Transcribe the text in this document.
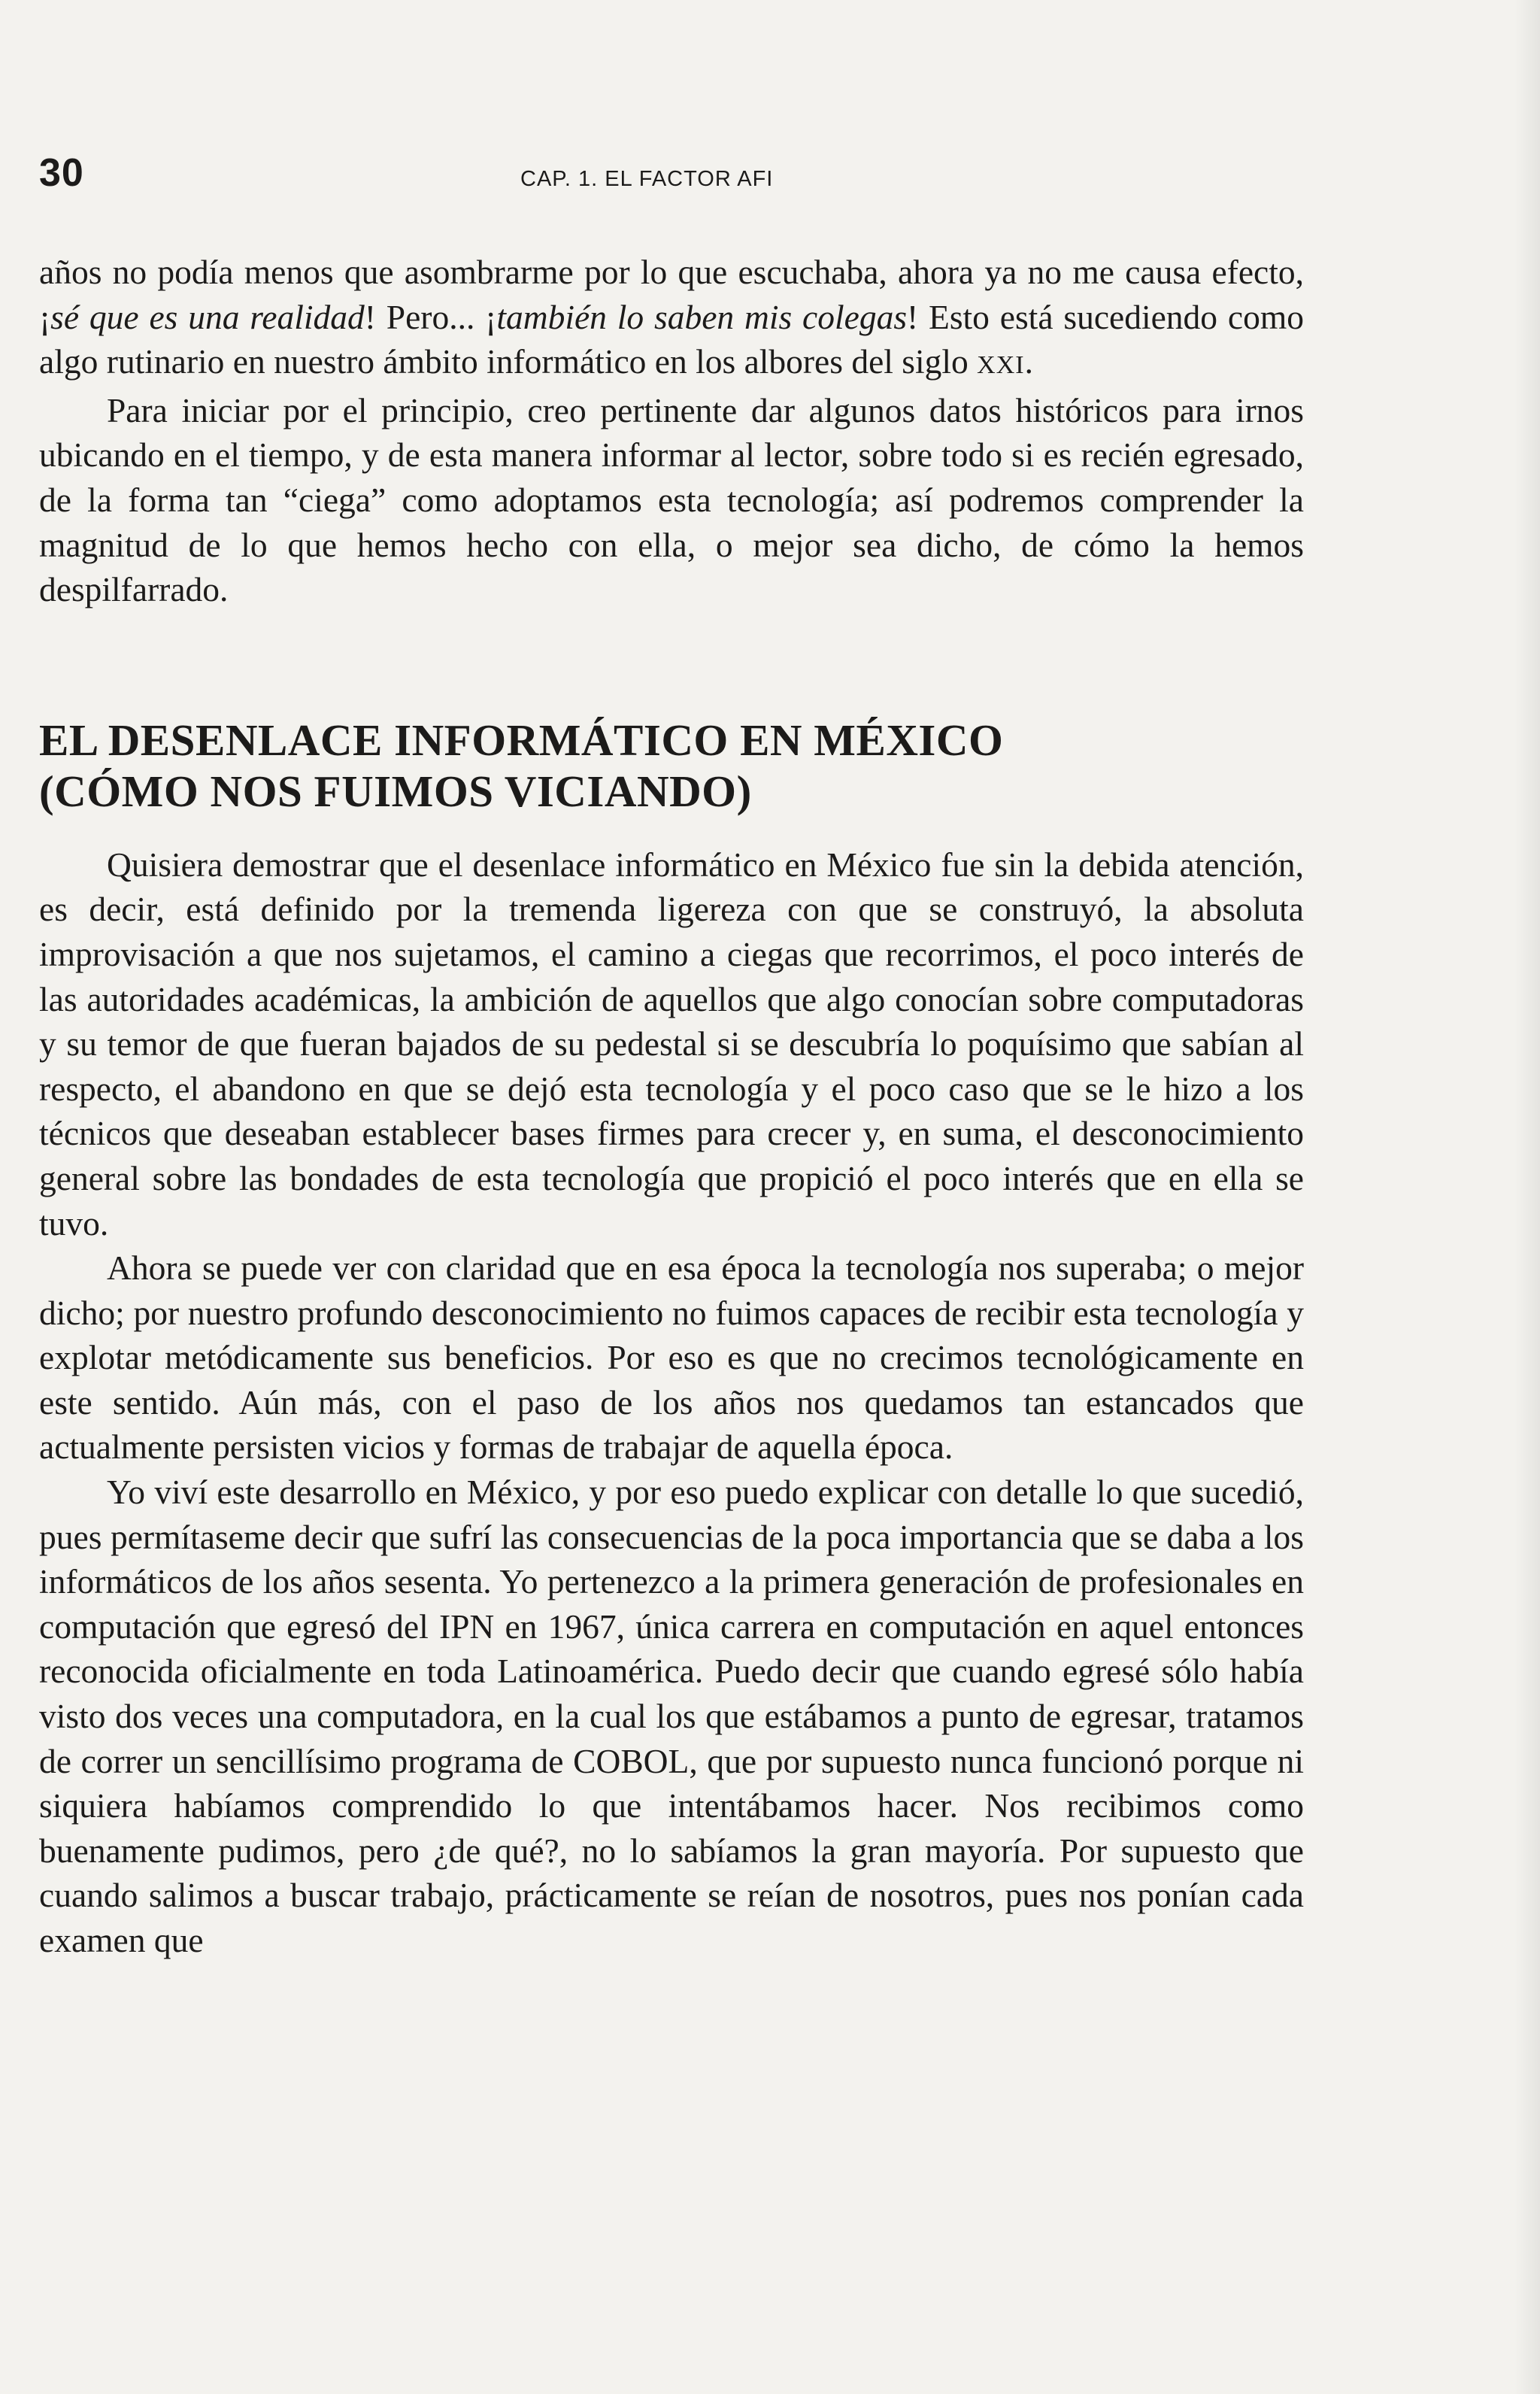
30	CAP. 1. EL FACTOR AFI

años no podía menos que asombrarme por lo que escuchaba, ahora ya no me causa efecto, ¡sé que es una realidad! Pero... ¡también lo saben mis colegas! Esto está sucediendo como algo rutinario en nuestro ámbito informático en los albores del siglo XXI.

Para iniciar por el principio, creo pertinente dar algunos datos históricos para irnos ubicando en el tiempo, y de esta manera informar al lector, sobre todo si es recién egresado, de la forma tan “ciega” como adoptamos esta tecnología; así podremos comprender la magnitud de lo que hemos hecho con ella, o mejor sea dicho, de cómo la hemos despilfarrado.

EL DESENLACE INFORMÁTICO EN MÉXICO
(CÓMO NOS FUIMOS VICIANDO)

Quisiera demostrar que el desenlace informático en México fue sin la debida atención, es decir, está definido por la tremenda ligereza con que se construyó, la absoluta improvisación a que nos sujetamos, el camino a ciegas que recorrimos, el poco interés de las autoridades académicas, la ambición de aquellos que algo conocían sobre computadoras y su temor de que fueran bajados de su pedestal si se descubría lo poquísimo que sabían al respecto, el abandono en que se dejó esta tecnología y el poco caso que se le hizo a los técnicos que deseaban establecer bases firmes para crecer y, en suma, el desconocimiento general sobre las bondades de esta tecnología que propició el poco interés que en ella se tuvo.

Ahora se puede ver con claridad que en esa época la tecnología nos superaba; o mejor dicho; por nuestro profundo desconocimiento no fuimos capaces de recibir esta tecnología y explotar metódicamente sus beneficios. Por eso es que no crecimos tecnológicamente en este sentido. Aún más, con el paso de los años nos quedamos tan estancados que actualmente persisten vicios y formas de trabajar de aquella época.

Yo viví este desarrollo en México, y por eso puedo explicar con detalle lo que sucedió, pues permítaseme decir que sufrí las consecuencias de la poca importancia que se daba a los informáticos de los años sesenta. Yo pertenezco a la primera generación de profesionales en computación que egresó del IPN en 1967, única carrera en computación en aquel entonces reconocida oficialmente en toda Latinoamérica. Puedo decir que cuando egresé sólo había visto dos veces una computadora, en la cual los que estábamos a punto de egresar, tratamos de correr un sencillísimo programa de COBOL, que por supuesto nunca funcionó porque ni siquiera habíamos comprendido lo que intentábamos hacer. Nos recibimos como buenamente pudimos, pero ¿de qué?, no lo sabíamos la gran mayoría. Por supuesto que cuando salimos a buscar trabajo, prácticamente se reían de nosotros, pues nos ponían cada examen que
